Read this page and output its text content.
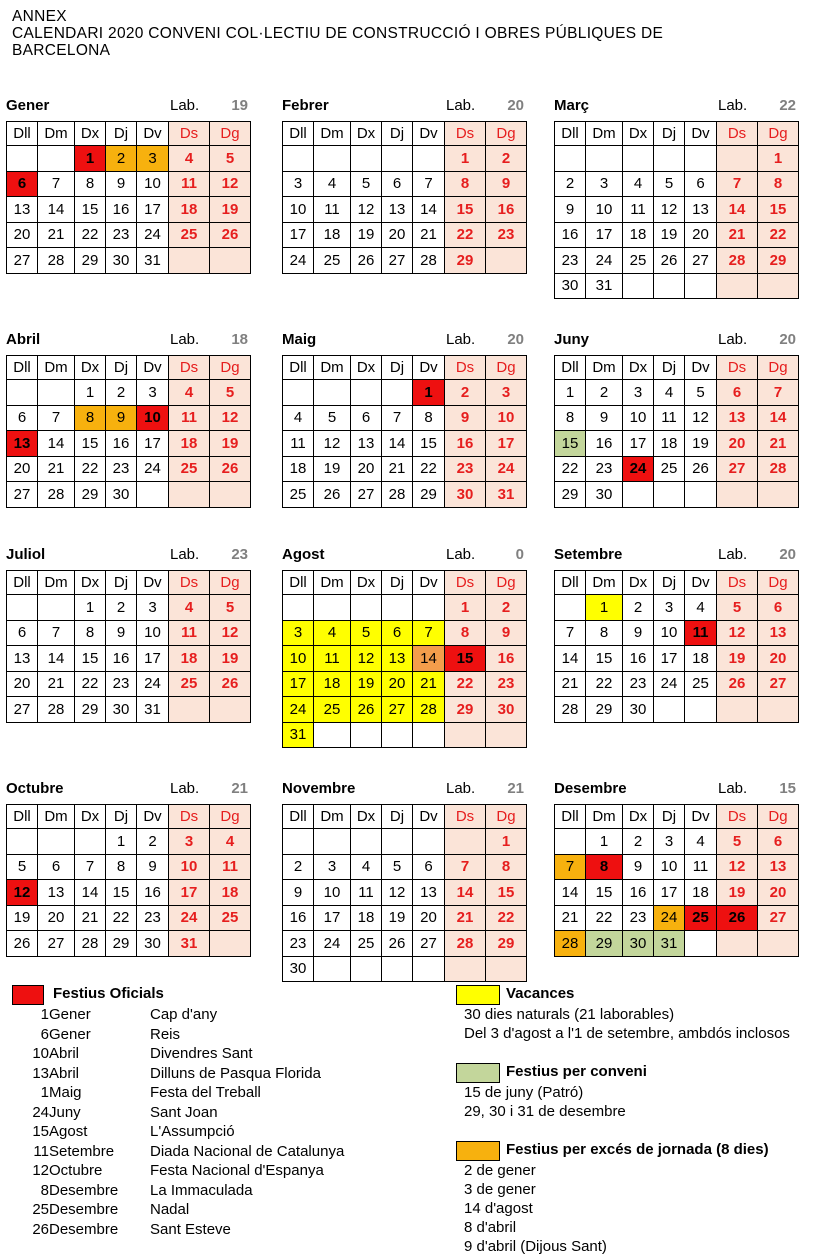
ANNEX
CALENDARI 2020 CONVENI COL·LECTIU DE CONSTRUCCIÓ I OBRES PÚBLIQUES DE
BARCELONA
Gener	Lab. 19
Dll	Dm	Dx	Dj	Dv	Ds	Dg
		1	2	3	4	5
6	7	8	9	10	11	12
13	14	15	16	17	18	19
20	21	22	23	24	25	26
27	28	29	30	31		
Febrer	Lab. 20
Dll	Dm	Dx	Dj	Dv	Ds	Dg
					1	2
3	4	5	6	7	8	9
10	11	12	13	14	15	16
17	18	19	20	21	22	23
24	25	26	27	28	29	
Març	Lab. 22
Dll	Dm	Dx	Dj	Dv	Ds	Dg
						1
2	3	4	5	6	7	8
9	10	11	12	13	14	15
16	17	18	19	20	21	22
23	24	25	26	27	28	29
30	31					
Abril	Lab. 18
Dll	Dm	Dx	Dj	Dv	Ds	Dg
		1	2	3	4	5
6	7	8	9	10	11	12
13	14	15	16	17	18	19
20	21	22	23	24	25	26
27	28	29	30			
Maig	Lab. 20
Dll	Dm	Dx	Dj	Dv	Ds	Dg
				1	2	3
4	5	6	7	8	9	10
11	12	13	14	15	16	17
18	19	20	21	22	23	24
25	26	27	28	29	30	31
Juny	Lab. 20
Dll	Dm	Dx	Dj	Dv	Ds	Dg
1	2	3	4	5	6	7
8	9	10	11	12	13	14
15	16	17	18	19	20	21
22	23	24	25	26	27	28
29	30					
Juliol	Lab. 23
Dll	Dm	Dx	Dj	Dv	Ds	Dg
		1	2	3	4	5
6	7	8	9	10	11	12
13	14	15	16	17	18	19
20	21	22	23	24	25	26
27	28	29	30	31		
Agost	Lab.	0
Dll	Dm	Dx	Dj	Dv	Ds	Dg
					1	2
3	4	5	6	7	8	9
10	11	12	13	14	15	16
17	18	19	20	21	22	23
24	25	26	27	28	29	30
31						
Setembre	Lab. 20
Dll	Dm	Dx	Dj	Dv	Ds	Dg
	1	2	3	4	5	6
7	8	9	10	11	12	13
14	15	16	17	18	19	20
21	22	23	24	25	26	27
28	29	30				
Octubre	Lab. 21
Dll	Dm	Dx	Dj	Dv	Ds	Dg
			1	2	3	4
5	6	7	8	9	10	11
12	13	14	15	16	17	18
19	20	21	22	23	24	25
26	27	28	29	30	31	
Novembre	Lab. 21
Dll	Dm	Dx	Dj	Dv	Ds	Dg
						1
2	3	4	5	6	7	8
9	10	11	12	13	14	15
16	17	18	19	20	21	22
23	24	25	26	27	28	29
30						
Desembre	Lab. 15
Dll	Dm	Dx	Dj	Dv	Ds	Dg
	1	2	3	4	5	6
7	8	9	10	11	12	13
14	15	16	17	18	19	20
21	22	23	24	25	26	27
28	29	30	31			
Festius Oficials
1 Gener	Cap d'any
6 Gener	Reis
10 Abril	Divendres Sant
13 Abril	Dilluns de Pasqua Florida
1 Maig	Festa del Treball
24 Juny	Sant Joan
15 Agost	L'Assumpció
11 Setembre Diada Nacional de Catalunya
12 Octubre	Festa Nacional d'Espanya
8 Desembre La Immaculada
25 Desembre Nadal
26 Desembre Sant Esteve
Vacances
30 dies naturals (21 laborables)
Del 3 d'agost a l'1 de setembre, ambdós inclosos
Festius per conveni
15 de juny (Patró)
29, 30 i 31 de desembre
Festius per excés de jornada (8 dies)
2 de gener
3 de gener
14 d'agost
8 d'abril
9 d'abril (Dijous Sant)
